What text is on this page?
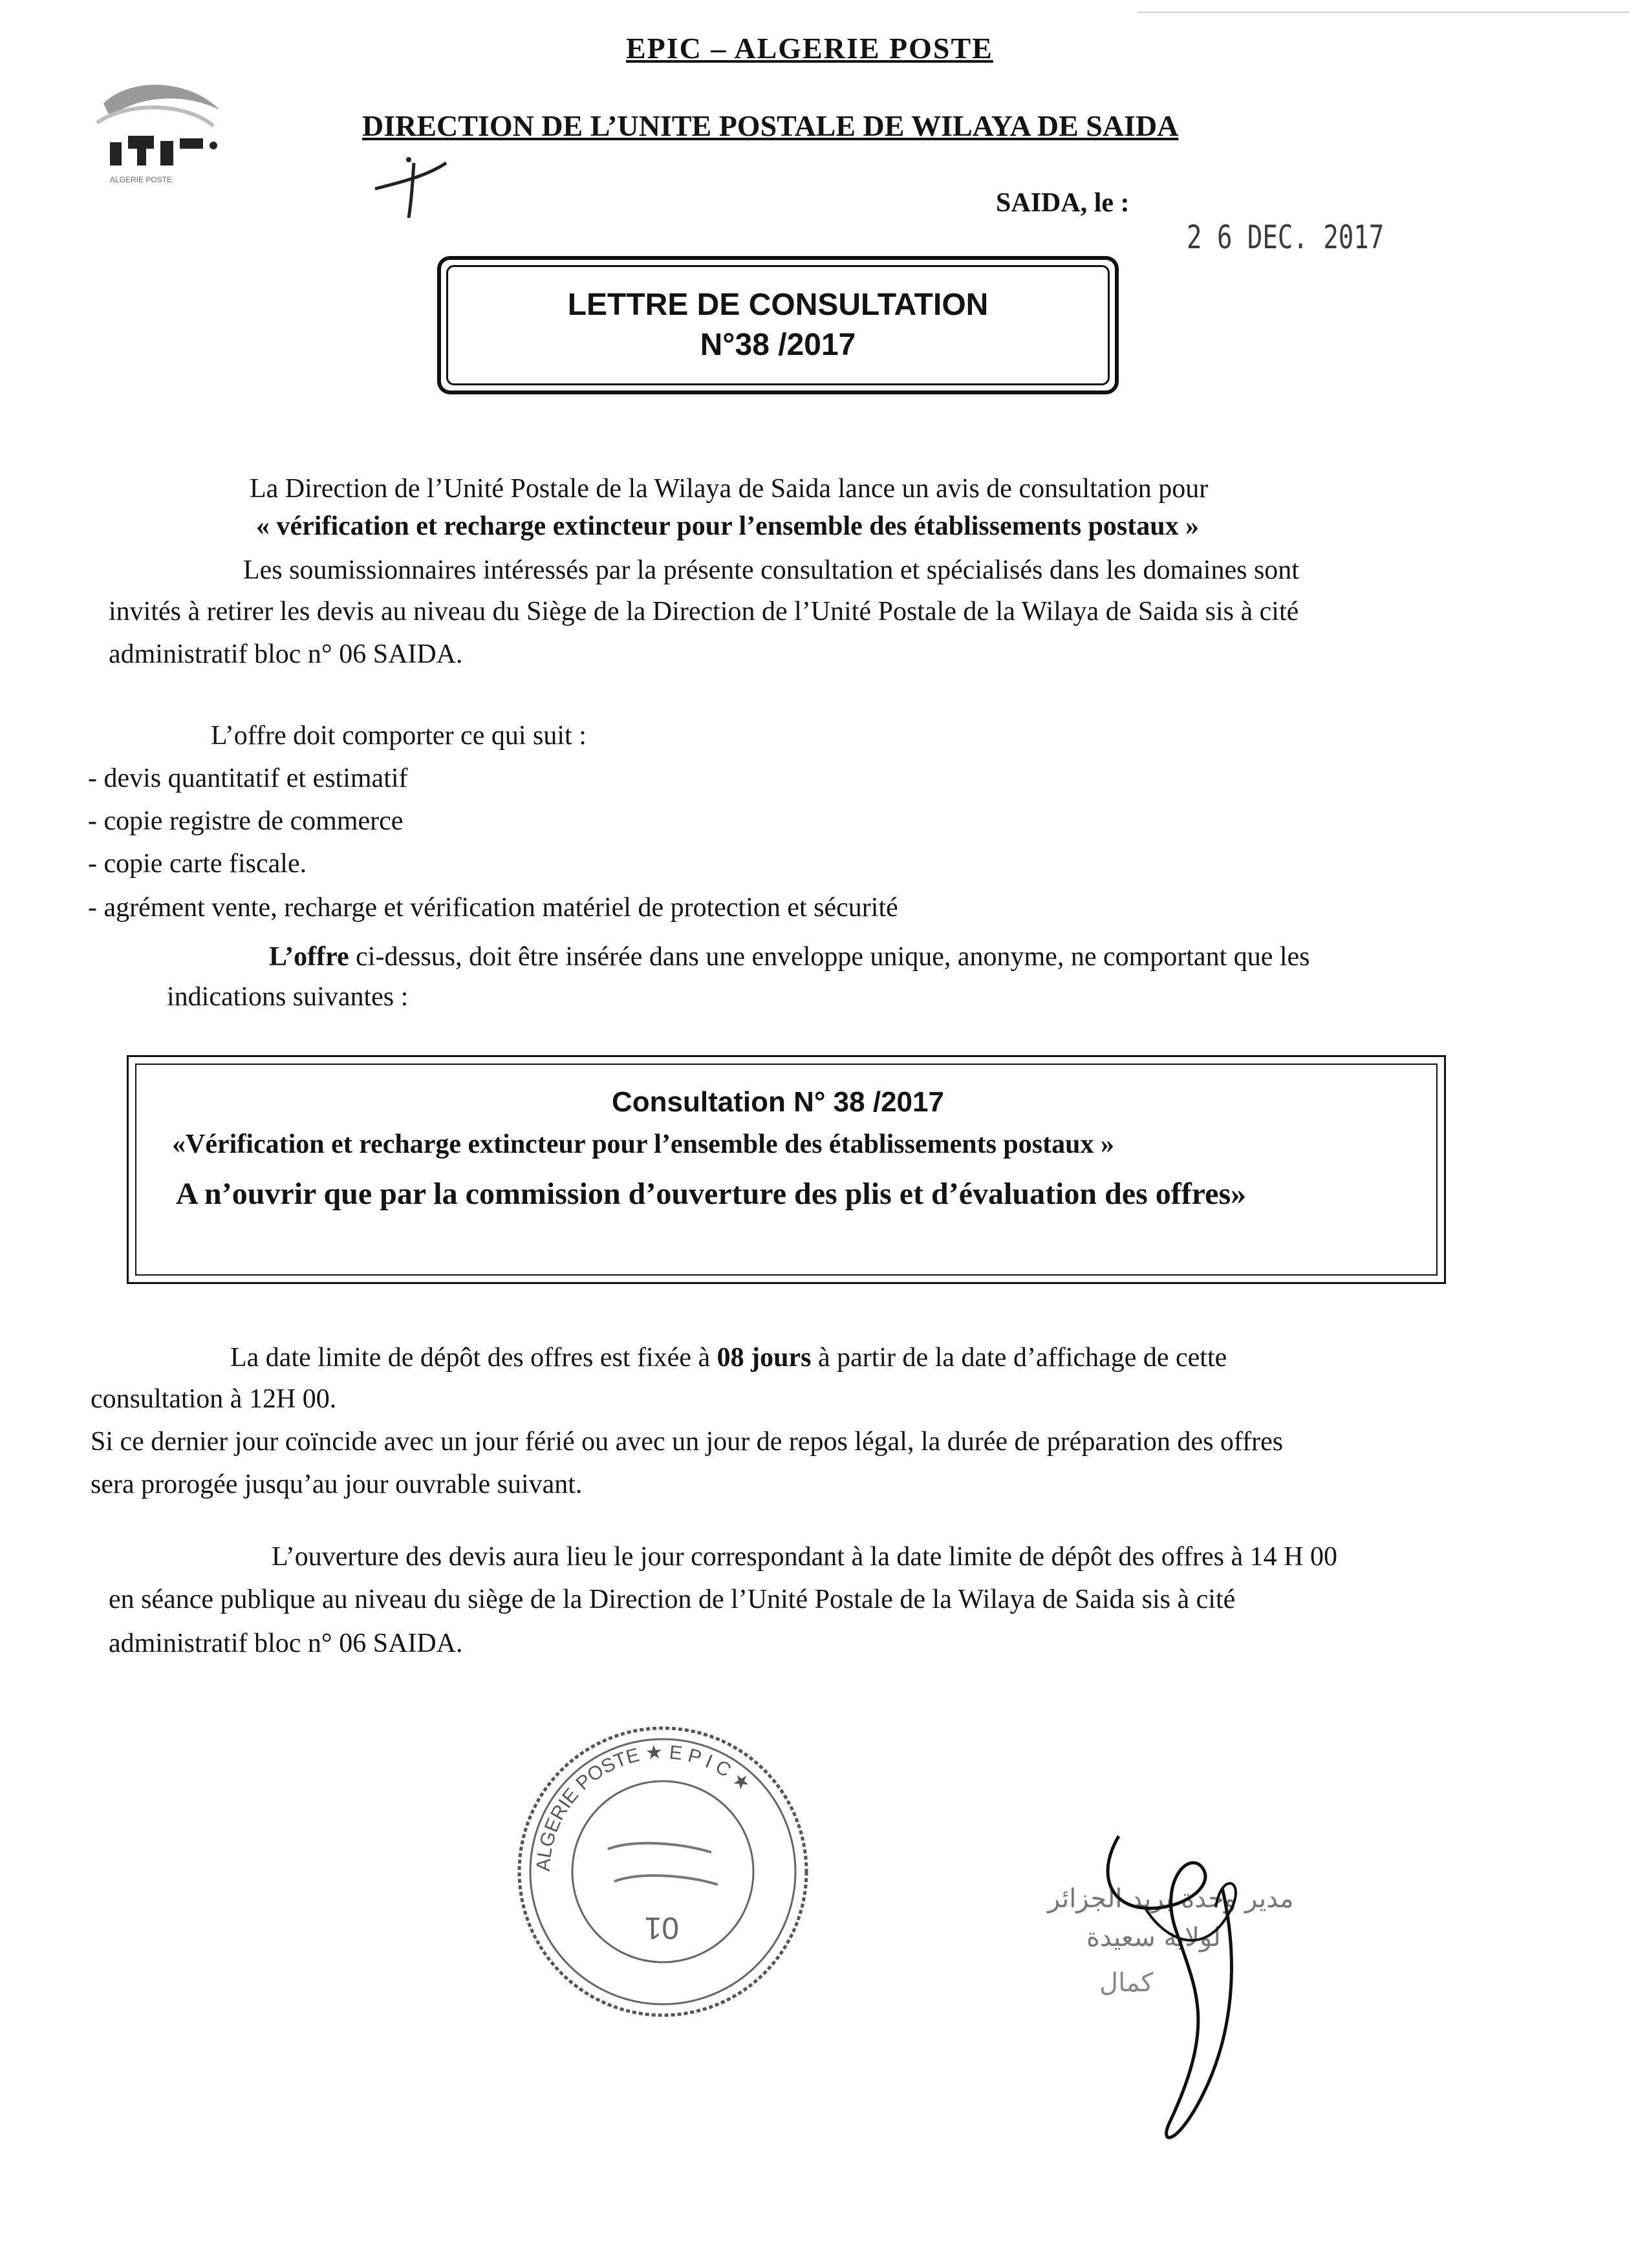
ALGERIE POSTE
EPIC – ALGERIE POSTE
DIRECTION DE L’UNITE POSTALE DE WILAYA DE SAIDA
SAIDA, le :
2 6 DEC. 2017
LETTRE DE CONSULTATION
N°38 /2017
La Direction de l’Unité Postale de la Wilaya de Saida lance un avis de consultation pour
« vérification et recharge extincteur pour l’ensemble des établissements postaux »
Les soumissionnaires intéressés par la présente consultation et spécialisés dans les domaines sont
invités à retirer les devis au niveau du Siège de la Direction de l’Unité Postale de la Wilaya de Saida sis à cité
administratif bloc n° 06 SAIDA.
L’offre doit comporter ce qui suit :
- devis quantitatif et estimatif
- copie registre de commerce
- copie carte fiscale.
- agrément vente, recharge et vérification matériel de protection et sécurité
L’offre ci-dessus, doit être insérée dans une enveloppe unique, anonyme, ne comportant que les
indications suivantes :
Consultation N° 38 /2017
«Vérification et recharge extincteur pour l’ensemble des établissements postaux »
A n’ouvrir que par la commission d’ouverture des plis et d’évaluation des offres»
La date limite de dépôt des offres est fixée à 08 jours à partir de la date d’affichage de cette
consultation à 12H 00.
Si ce dernier jour coïncide avec un jour férié ou avec un jour de repos légal, la durée de préparation des offres
sera prorogée jusqu’au jour ouvrable suivant.
L’ouverture des devis aura lieu le jour correspondant à la date limite de dépôt des offres à 14 H 00
en séance publique au niveau du siège de la Direction de l’Unité Postale de la Wilaya de Saida sis à cité
administratif bloc n° 06 SAIDA.
ALGERIE POSTE ★ E P I C ★
01
مدير وحدة بريد الجزائر
لولاية سعيدة
كمال
